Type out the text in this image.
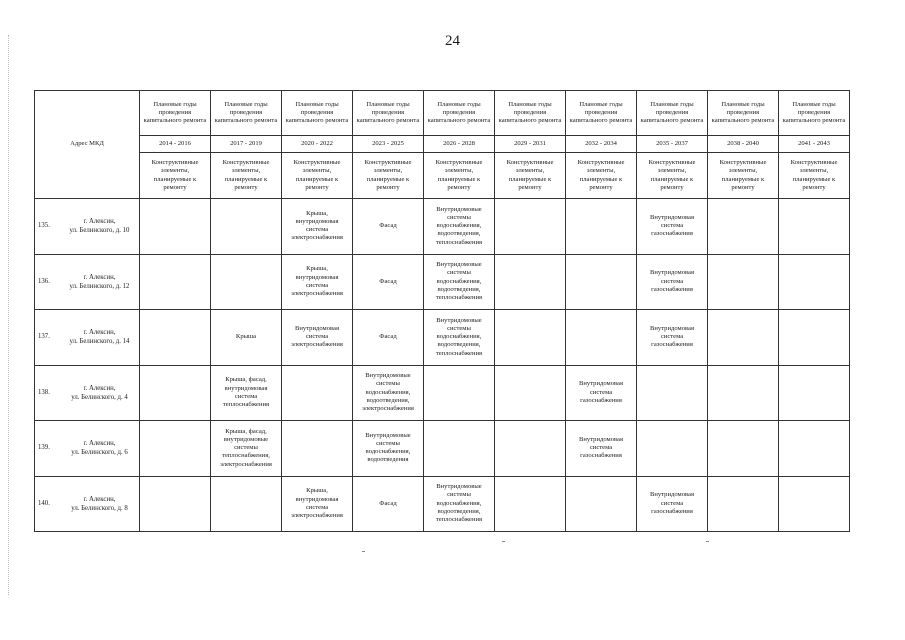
24
Адрес МКД	Плановые годы проведения капитального ремонта	Плановые годы проведения капитального ремонта	Плановые годы проведения капитального ремонта	Плановые годы проведения капитального ремонта	Плановые годы проведения капитального ремонта	Плановые годы проведения капитального ремонта	Плановые годы проведения капитального ремонта	Плановые годы проведения капитального ремонта	Плановые годы проведения капитального ремонта	Плановые годы проведения капитального ремонта
	2014 - 2016	2017 - 2019	2020 - 2022	2023 - 2025	2026 - 2028	2029 - 2031	2032 - 2034	2035 - 2037	2038 - 2040	2041 - 2043
	Конструктивные элементы, планируемые к ремонту	Конструктивные элементы, планируемые к ремонту	Конструктивные элементы, планируемые к ремонту	Конструктивные элементы, планируемые к ремонту	Конструктивные элементы, планируемые к ремонту	Конструктивные элементы, планируемые к ремонту	Конструктивные элементы, планируемые к ремонту	Конструктивные элементы, планируемые к ремонту	Конструктивные элементы, планируемые к ремонту	Конструктивные элементы, планируемые к ремонту

135.
г. Алексин,
ул. Белинского, д. 10			Крыша,
внутридомовая
система
электроснабжения	Фасад	Внутридомовые
системы
водоснабжения,
водоотведения,
теплоснабжения			Внутридомовая
система
газоснабжения		

136.
г. Алексин,
ул. Белинского, д. 12			Крыша,
внутридомовая
система
электроснабжения	Фасад	Внутридомовые
системы
водоснабжения,
водоотведения,
теплоснабжения			Внутридомовая
система
газоснабжения		

137.
г. Алексин,
ул. Белинского, д. 14		Крыша	Внутридомовая
система
электроснабжения	Фасад	Внутридомовые
системы
водоснабжения,
водоотведения,
теплоснабжения			Внутридомовая
система
газоснабжения		

138.
г. Алексин,
ул. Белинского, д. 4		Крыша, фасад,
внутридомовая
система
теплоснабжения		Внутридомовые
системы
водоснабжения,
водоотведения,
электроснабжения			Внутридомовая
система
газоснабжения			

139.
г. Алексин,
ул. Белинского, д. 6		Крыша, фасад,
внутридомовые
системы
теплоснабжения,
электроснабжения		Внутридомовые
системы
водоснабжения,
водоотведения			Внутридомовая
система
газоснабжения			

140.
г. Алексин,
ул. Белинского, д. 8			Крыша,
внутридомовая
система
электроснабжения	Фасад	Внутридомовые
системы
водоснабжения,
водоотведения,
теплоснабжения			Внутридомовая
система
газоснабжения		
